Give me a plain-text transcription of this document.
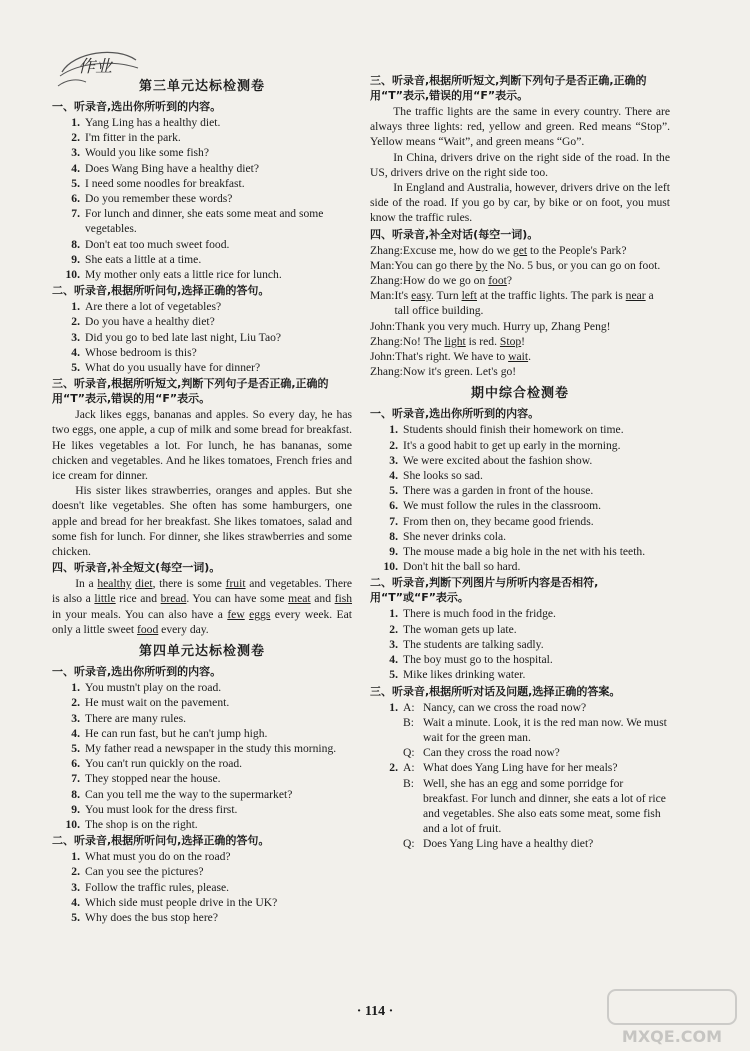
作业
第三单元达标检测卷
一、听录音,选出你所听到的内容。
1. Yang Ling has a healthy diet.
2. I'm fitter in the park.
3. Would you like some fish?
4. Does Wang Bing have a healthy diet?
5. I need some noodles for breakfast.
6. Do you remember these words?
7. For lunch and dinner, she eats some meat and some vegetables.
8. Don't eat too much sweet food.
9. She eats a little at a time.
10. My mother only eats a little rice for lunch.
二、听录音,根据所听问句,选择正确的答句。
1. Are there a lot of vegetables?
2. Do you have a healthy diet?
3. Did you go to bed late last night, Liu Tao?
4. Whose bedroom is this?
5. What do you usually have for dinner?
三、听录音,根据所听短文,判断下列句子是否正确,正确的用“T”表示,错误的用“F”表示。

Jack likes eggs, bananas and apples. So every day, he has two eggs, one apple, a cup of milk and some bread for breakfast. He likes vegetables a lot. For lunch, he has bananas, some chicken and vegetables. And he likes tomatoes, French fries and ice cream for dinner.

His sister likes strawberries, oranges and apples. But she doesn't like vegetables. She often has some hamburgers, one apple and bread for her breakfast. She likes tomatoes, salad and some fish for lunch. For dinner, she likes strawberries and some chicken.

四、听录音,补全短文(每空一词)。

In a healthy diet, there is some fruit and vegetables. There is also a little rice and bread. You can have some meat and fish in your meals. You can also have a few eggs every week. Eat only a little sweet food every day.

第四单元达标检测卷
一、听录音,选出你所听到的内容。
1. You mustn't play on the road.
2. He must wait on the pavement.
3. There are many rules.
4. He can run fast, but he can't jump high.
5. My father read a newspaper in the study this morning.
6. You can't run quickly on the road.
7. They stopped near the house.
8. Can you tell me the way to the supermarket?
9. You must look for the dress first.
10. The shop is on the right.
二、听录音,根据所听问句,选择正确的答句。
1. What must you do on the road?
2. Can you see the pictures?
3. Follow the traffic rules, please.
4. Which side must people drive in the UK?
5. Why does the bus stop here?
三、听录音,根据所听短文,判断下列句子是否正确,正确的用“T”表示,错误的用“F”表示。

The traffic lights are the same in every country. There are always three lights: red, yellow and green. Red means “Stop”. Yellow means “Wait”, and green means “Go”.

In China, drivers drive on the right side of the road. In the US, drivers drive on the right side too.

In England and Australia, however, drivers drive on the left side of the road. If you go by car, by bike or on foot, you must know the traffic rules.

四、听录音,补全对话(每空一词)。
Zhang: Excuse me, how do we get to the People's Park?
Man: You can go there by the No. 5 bus, or you can go on foot.
Zhang: How do we go on foot?
Man: It's easy. Turn left at the traffic lights. The park is near a tall office building.
John: Thank you very much. Hurry up, Zhang Peng!
Zhang: No! The light is red. Stop!
John: That's right. We have to wait.
Zhang: Now it's green. Let's go!
期中综合检测卷
一、听录音,选出你所听到的内容。
1. Students should finish their homework on time.
2. It's a good habit to get up early in the morning.
3. We were excited about the fashion show.
4. She looks so sad.
5. There was a garden in front of the house.
6. We must follow the rules in the classroom.
7. From then on, they became good friends.
8. She never drinks cola.
9. The mouse made a big hole in the net with his teeth.
10. Don't hit the ball so hard.
二、听录音,判断下列图片与所听内容是否相符,用“T”或“F”表示。
1. There is much food in the fridge.
2. The woman gets up late.
3. The students are talking sadly.
4. The boy must go to the hospital.
5. Mike likes drinking water.
三、听录音,根据所听对话及问题,选择正确的答案。
1. A: Nancy, can we cross the road now?
B: Wait a minute. Look, it is the red man now. We must wait for the green man.
Q: Can they cross the road now?
2. A: What does Yang Ling have for her meals?
B: Well, she has an egg and some porridge for breakfast. For lunch and dinner, she eats a lot of rice and vegetables. She also eats some meat, some fish and a lot of fruit.
Q: Does Yang Ling have a healthy diet?
· 114 ·
MXQE.COM
